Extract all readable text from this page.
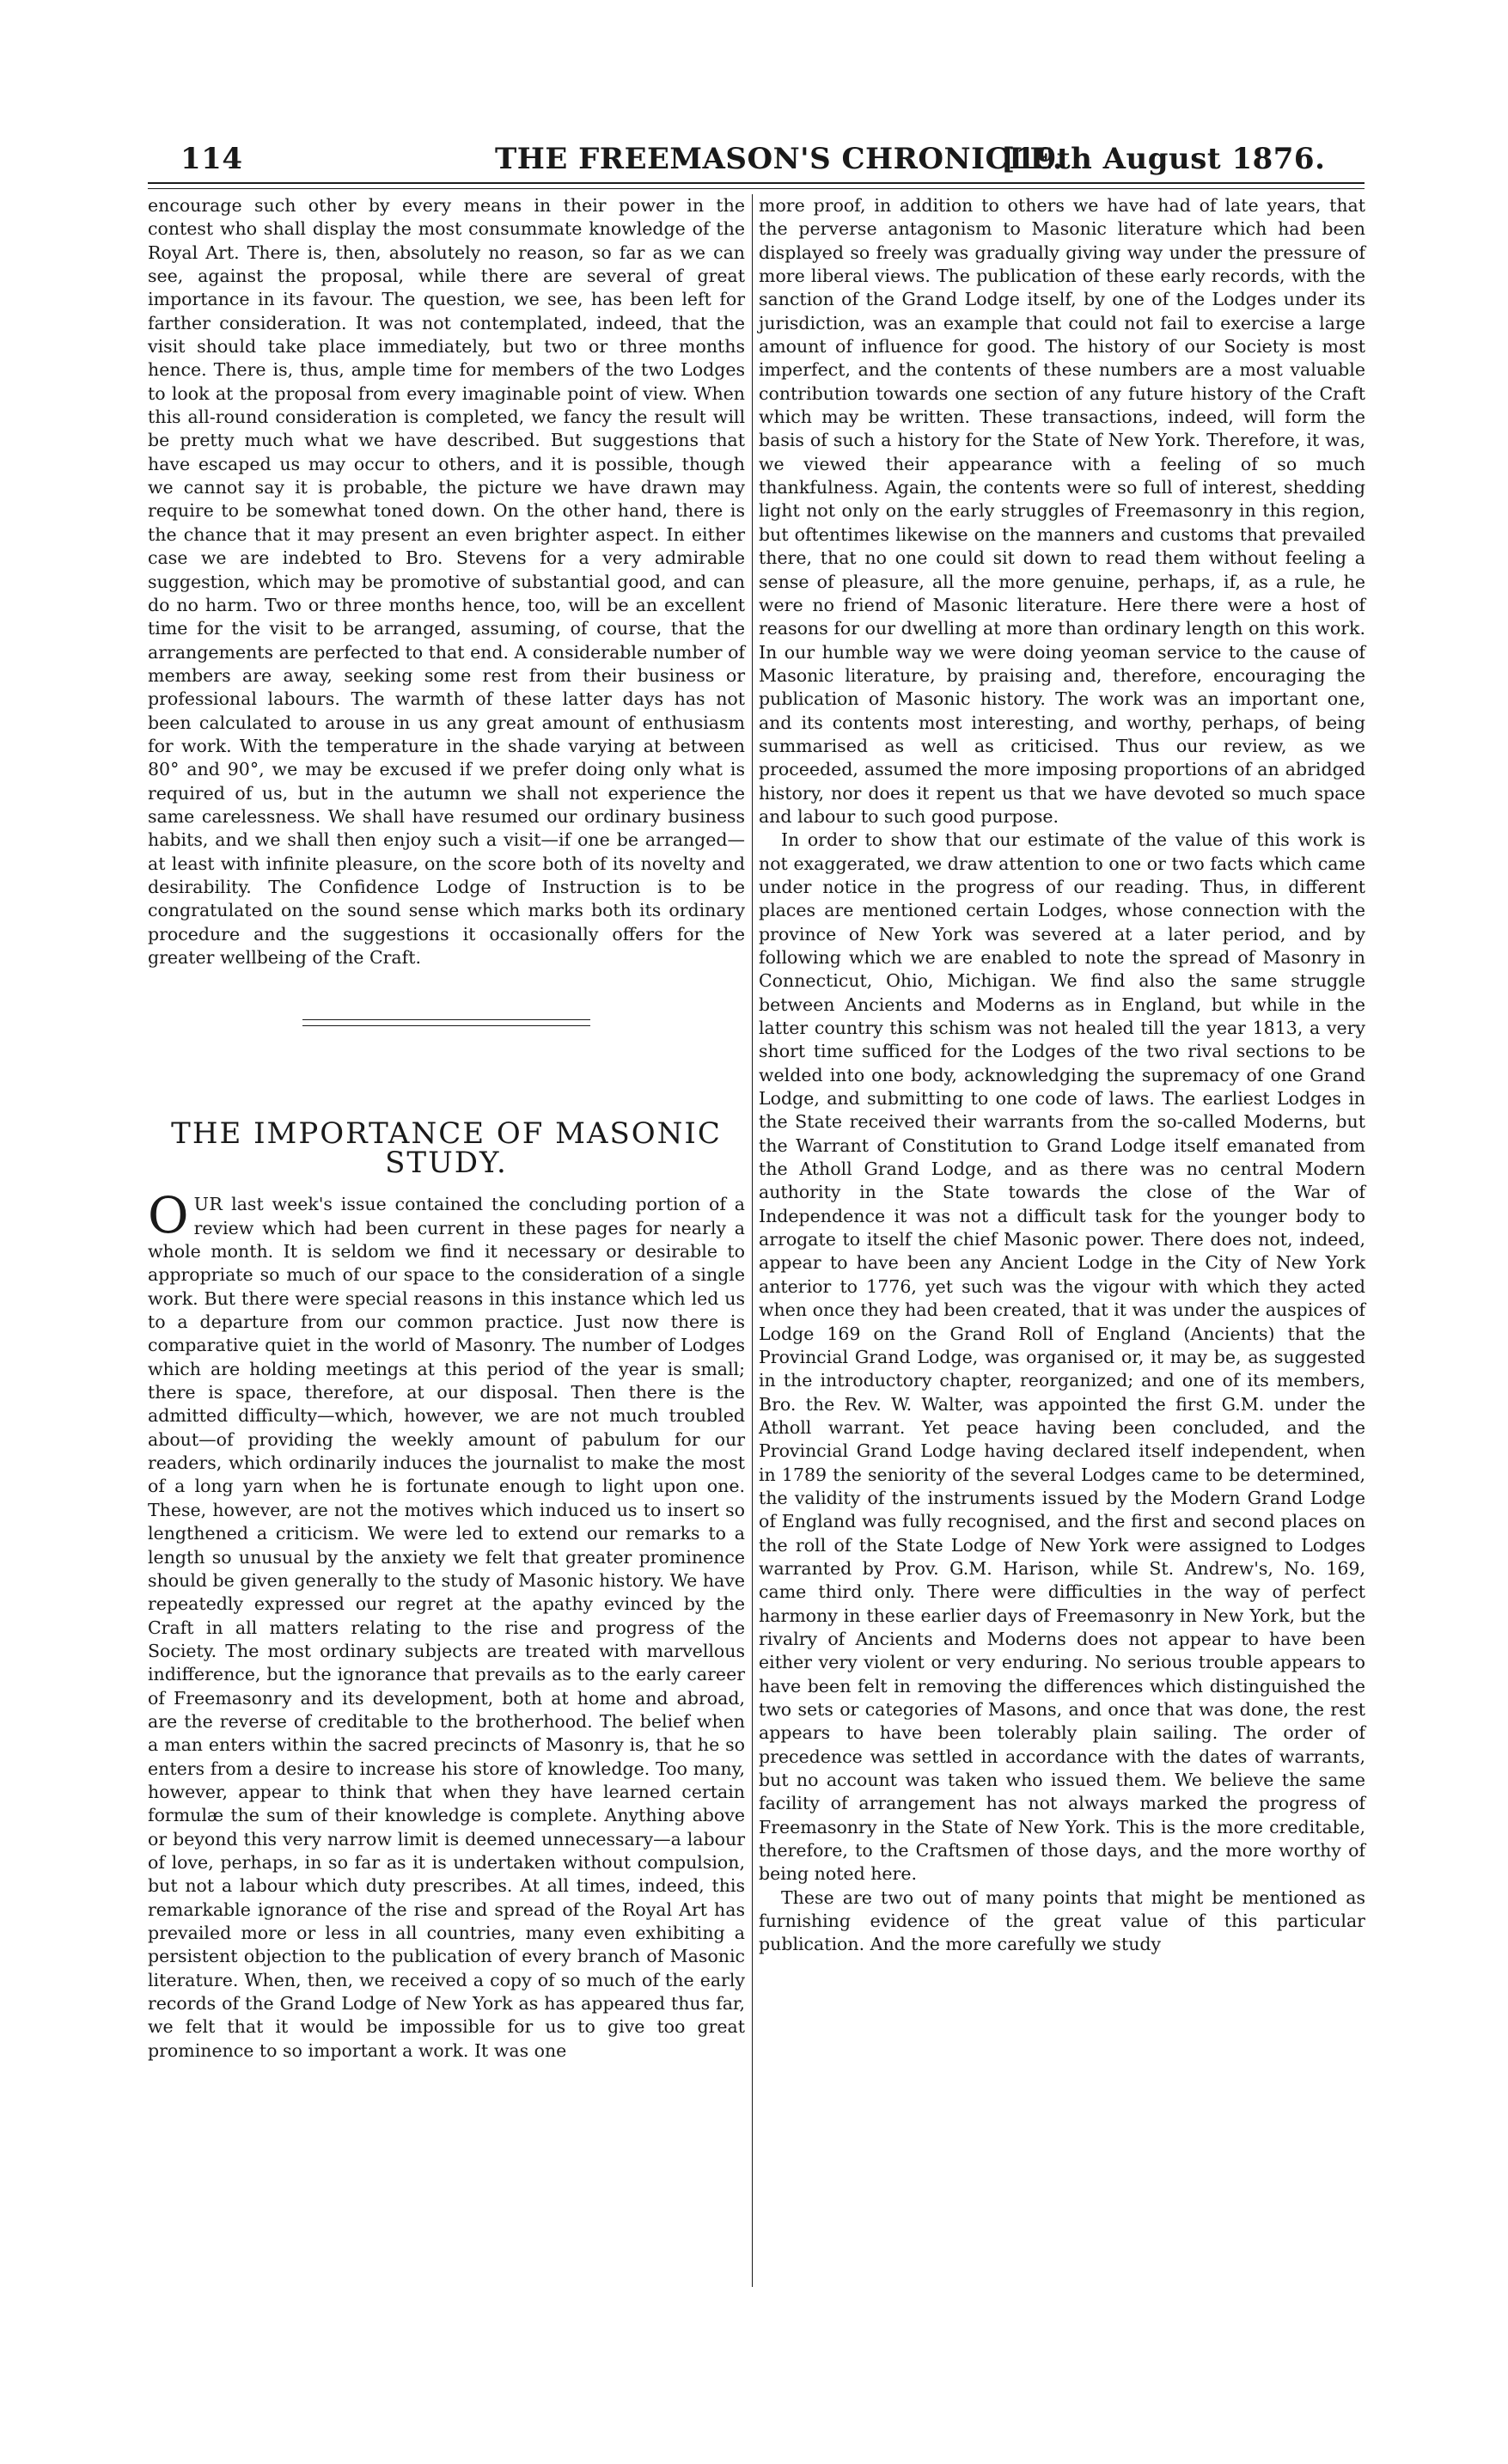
114	THE FREEMASON'S CHRONICLE.
[19th August 1876.

encourage such other by every means in their power in the contest who shall display the most consummate knowledge of the Royal Art. There is, then, absolutely no reason, so far as we can see, against the proposal, while there are several of great importance in its favour. The question, we see, has been left for farther consideration. It was not contemplated, indeed, that the visit should take place immediately, but two or three months hence. There is, thus, ample time for members of the two Lodges to look at the proposal from every imaginable point of view. When this all-round consideration is completed, we fancy the result will be pretty much what we have described. But suggestions that have escaped us may occur to others, and it is possible, though we cannot say it is probable, the picture we have drawn may require to be somewhat toned down. On the other hand, there is the chance that it may present an even brighter aspect. In either case we are indebted to Bro. Stevens for a very admirable suggestion, which may be promotive of substantial good, and can do no harm. Two or three months hence, too, will be an excellent time for the visit to be arranged, assuming, of course, that the arrangements are perfected to that end. A considerable number of members are away, seeking some rest from their business or professional labours. The warmth of these latter days has not been calculated to arouse in us any great amount of enthusiasm for work. With the temperature in the shade varying at between 80° and 90°, we may be excused if we prefer doing only what is required of us, but in the autumn we shall not experience the same carelessness. We shall have resumed our ordinary business habits, and we shall then enjoy such a visit—if one be arranged—at least with infinite pleasure, on the score both of its novelty and desirability. The Confidence Lodge of Instruction is to be congratulated on the sound sense which marks both its ordinary procedure and the suggestions it occasionally offers for the greater wellbeing of the Craft.

THE IMPORTANCE OF MASONIC STUDY.

OUR last week's issue contained the concluding portion of a review which had been current in these pages for nearly a whole month. It is seldom we find it necessary or desirable to appropriate so much of our space to the consideration of a single work. But there were special reasons in this instance which led us to a departure from our common practice. Just now there is comparative quiet in the world of Masonry. The number of Lodges which are holding meetings at this period of the year is small; there is space, therefore, at our disposal. Then there is the admitted difficulty—which, however, we are not much troubled about—of providing the weekly amount of pabulum for our readers, which ordinarily induces the journalist to make the most of a long yarn when he is fortunate enough to light upon one. These, however, are not the motives which induced us to insert so lengthened a criticism. We were led to extend our remarks to a length so unusual by the anxiety we felt that greater prominence should be given generally to the study of Masonic history. We have repeatedly expressed our regret at the apathy evinced by the Craft in all matters relating to the rise and progress of the Society. The most ordinary subjects are treated with marvellous indifference, but the ignorance that prevails as to the early career of Freemasonry and its development, both at home and abroad, are the reverse of creditable to the brotherhood. The belief when a man enters within the sacred precincts of Masonry is, that he so enters from a desire to increase his store of knowledge. Too many, however, appear to think that when they have learned certain formulæ the sum of their knowledge is complete. Anything above or beyond this very narrow limit is deemed unnecessary—a labour of love, perhaps, in so far as it is undertaken without compulsion, but not a labour which duty prescribes. At all times, indeed, this remarkable ignorance of the rise and spread of the Royal Art has prevailed more or less in all countries, many even exhibiting a persistent objection to the publication of every branch of Masonic literature. When, then, we received a copy of so much of the early records of the Grand Lodge of New York as has appeared thus far, we felt that it would be impossible for us to give too great prominence to so important a work. It was one

more proof, in addition to others we have had of late years, that the perverse antagonism to Masonic literature which had been displayed so freely was gradually giving way under the pressure of more liberal views. The publication of these early records, with the sanction of the Grand Lodge itself, by one of the Lodges under its jurisdiction, was an example that could not fail to exercise a large amount of influence for good. The history of our Society is most imperfect, and the contents of these numbers are a most valuable contribution towards one section of any future history of the Craft which may be written. These transactions, indeed, will form the basis of such a history for the State of New York. Therefore, it was, we viewed their appearance with a feeling of so much thankfulness. Again, the contents were so full of interest, shedding light not only on the early struggles of Freemasonry in this region, but oftentimes likewise on the manners and customs that prevailed there, that no one could sit down to read them without feeling a sense of pleasure, all the more genuine, perhaps, if, as a rule, he were no friend of Masonic literature. Here there were a host of reasons for our dwelling at more than ordinary length on this work. In our humble way we were doing yeoman service to the cause of Masonic literature, by praising and, therefore, encouraging the publication of Masonic history. The work was an important one, and its contents most interesting, and worthy, perhaps, of being summarised as well as criticised. Thus our review, as we proceeded, assumed the more imposing proportions of an abridged history, nor does it repent us that we have devoted so much space and labour to such good purpose.

In order to show that our estimate of the value of this work is not exaggerated, we draw attention to one or two facts which came under notice in the progress of our reading. Thus, in different places are mentioned certain Lodges, whose connection with the province of New York was severed at a later period, and by following which we are enabled to note the spread of Masonry in Connecticut, Ohio, Michigan. We find also the same struggle between Ancients and Moderns as in England, but while in the latter country this schism was not healed till the year 1813, a very short time sufficed for the Lodges of the two rival sections to be welded into one body, acknowledging the supremacy of one Grand Lodge, and submitting to one code of laws. The earliest Lodges in the State received their warrants from the so-called Moderns, but the Warrant of Constitution to Grand Lodge itself emanated from the Atholl Grand Lodge, and as there was no central Modern authority in the State towards the close of the War of Independence it was not a difficult task for the younger body to arrogate to itself the chief Masonic power. There does not, indeed, appear to have been any Ancient Lodge in the City of New York anterior to 1776, yet such was the vigour with which they acted when once they had been created, that it was under the auspices of Lodge 169 on the Grand Roll of England (Ancients) that the Provincial Grand Lodge, was organised or, it may be, as suggested in the introductory chapter, reorganized; and one of its members, Bro. the Rev. W. Walter, was appointed the first G.M. under the Atholl warrant. Yet peace having been concluded, and the Provincial Grand Lodge having declared itself independent, when in 1789 the seniority of the several Lodges came to be determined, the validity of the instruments issued by the Modern Grand Lodge of England was fully recognised, and the first and second places on the roll of the State Lodge of New York were assigned to Lodges warranted by Prov. G.M. Harison, while St. Andrew's, No. 169, came third only. There were difficulties in the way of perfect harmony in these earlier days of Freemasonry in New York, but the rivalry of Ancients and Moderns does not appear to have been either very violent or very enduring. No serious trouble appears to have been felt in removing the differences which distinguished the two sets or categories of Masons, and once that was done, the rest appears to have been tolerably plain sailing. The order of precedence was settled in accordance with the dates of warrants, but no account was taken who issued them. We believe the same facility of arrangement has not always marked the progress of Freemasonry in the State of New York. This is the more creditable, therefore, to the Craftsmen of those days, and the more worthy of being noted here.

These are two out of many points that might be mentioned as furnishing evidence of the great value of this particular publication. And the more carefully we study
